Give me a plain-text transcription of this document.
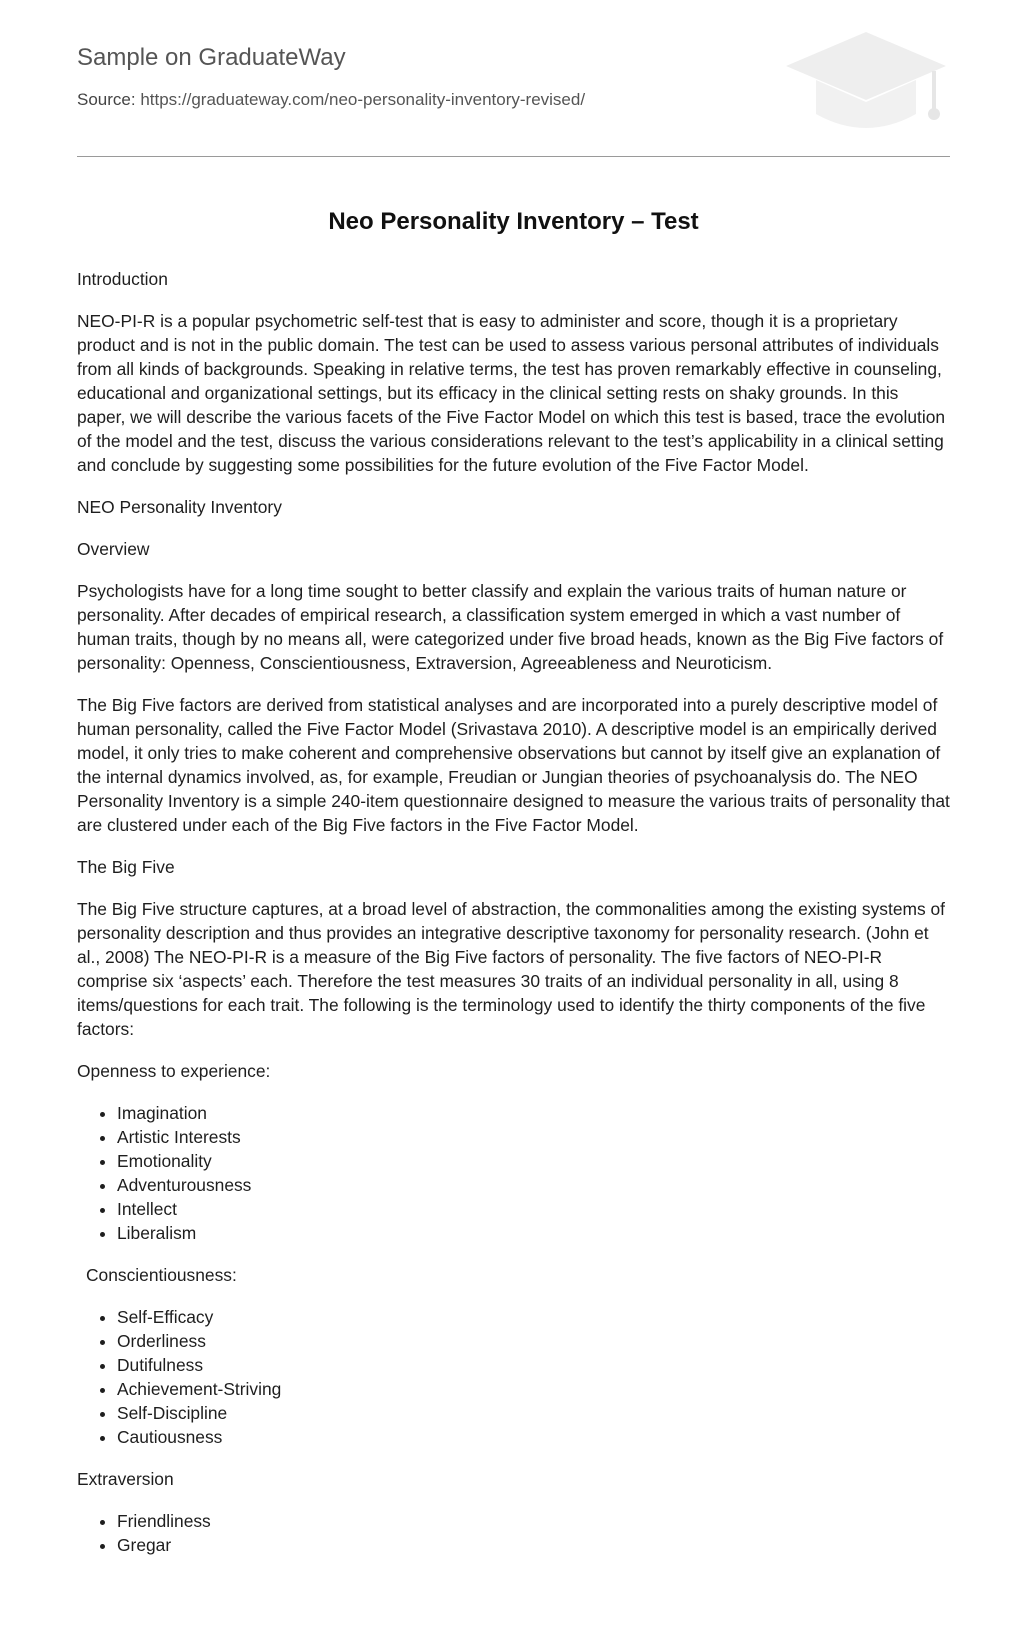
Sample on GraduateWay
Source: https://graduateway.com/neo-personality-inventory-revised/
Neo Personality Inventory – Test

Introduction

NEO-PI-R is a popular psychometric self-test that is easy to administer and score, though it is a proprietary product and is not in the public domain. The test can be used to assess various personal attributes of individuals from all kinds of backgrounds. Speaking in relative terms, the test has proven remarkably effective in counseling, educational and organizational settings, but its efficacy in the clinical setting rests on shaky grounds. In this paper, we will describe the various facets of the Five Factor Model on which this test is based, trace the evolution of the model and the test, discuss the various considerations relevant to the test’s applicability in a clinical setting and conclude by suggesting some possibilities for the future evolution of the Five Factor Model.

NEO Personality Inventory

Overview

Psychologists have for a long time sought to better classify and explain the various traits of human nature or personality. After decades of empirical research, a classification system emerged in which a vast number of human traits, though by no means all, were categorized under five broad heads, known as the Big Five factors of personality: Openness, Conscientiousness, Extraversion, Agreeableness and Neuroticism.

The Big Five factors are derived from statistical analyses and are incorporated into a purely descriptive model of human personality, called the Five Factor Model (Srivastava 2010). A descriptive model is an empirically derived model, it only tries to make coherent and comprehensive observations but cannot by itself give an explanation of the internal dynamics involved, as, for example, Freudian or Jungian theories of psychoanalysis do. The NEO Personality Inventory is a simple 240-item questionnaire designed to measure the various traits of personality that are clustered under each of the Big Five factors in the Five Factor Model.

The Big Five

The Big Five structure captures, at a broad level of abstraction, the commonalities among the existing systems of personality description and thus provides an integrative descriptive taxonomy for personality research. (John et al., 2008) The NEO-PI-R is a measure of the Big Five factors of personality. The five factors of NEO-PI-R comprise six ‘aspects’ each. Therefore the test measures 30 traits of an individual personality in all, using 8 items/questions for each trait. The following is the terminology used to identify the thirty components of the five factors:

Openness to experience:

• Imagination
• Artistic Interests
• Emotionality
• Adventurousness
• Intellect
• Liberalism

Conscientiousness:

• Self-Efficacy
• Orderliness
• Dutifulness
• Achievement-Striving
• Self-Discipline
• Cautiousness

Extraversion

• Friendliness
• Gregar
